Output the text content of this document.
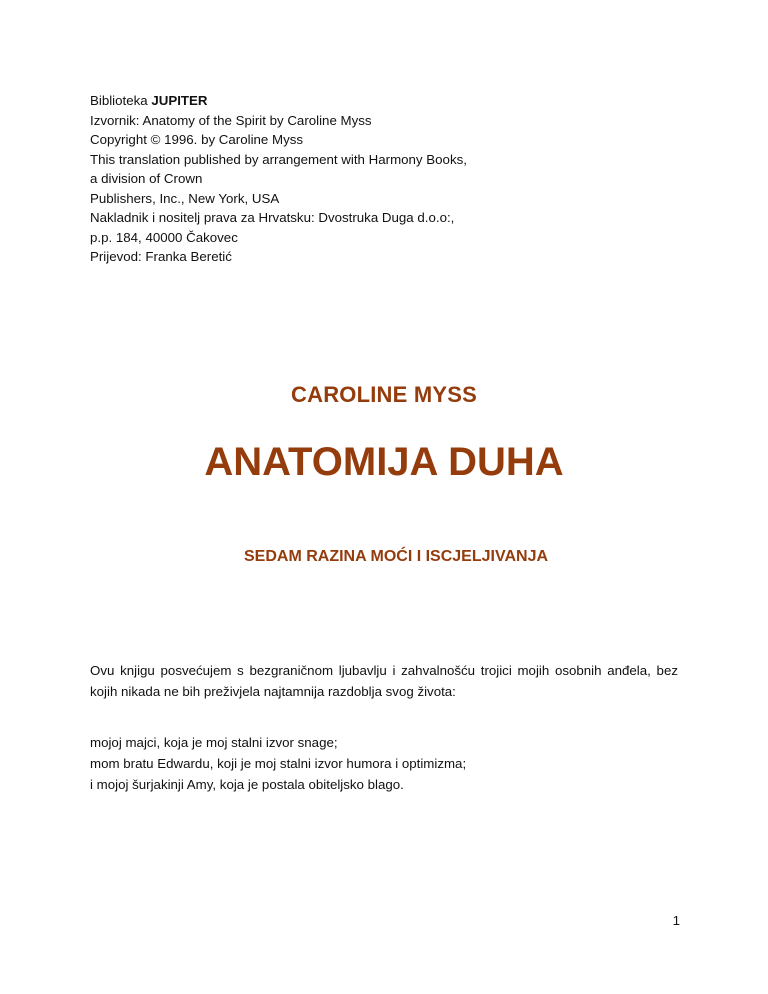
Biblioteka JUPITER
Izvornik: Anatomy of the Spirit by Caroline Myss
Copyright © 1996. by Caroline Myss
This translation published by arrangement with Harmony Books,
a division of Crown
Publishers, Inc., New York, USA
Nakladnik i nositelj prava za Hrvatsku: Dvostruka Duga d.o.o:,
p.p. 184, 40000 Čakovec
Prijevod: Franka Beretić
CAROLINE MYSS
ANATOMIJA DUHA
SEDAM RAZINA MOĆI I ISCJELJIVANJA

Ovu knjigu posvećujem s bezgraničnom ljubavlju i zahvalnošću trojici mojih osobnih anđela, bez kojih nikada ne bih preživjela najtamnija razdoblja svog života:

mojoj majci, koja je moj stalni izvor snage;
mom bratu Edwardu, koji je moj stalni izvor humora i optimizma;
i mojoj šurjakinji Amy, koja je postala obiteljsko blago.
1
